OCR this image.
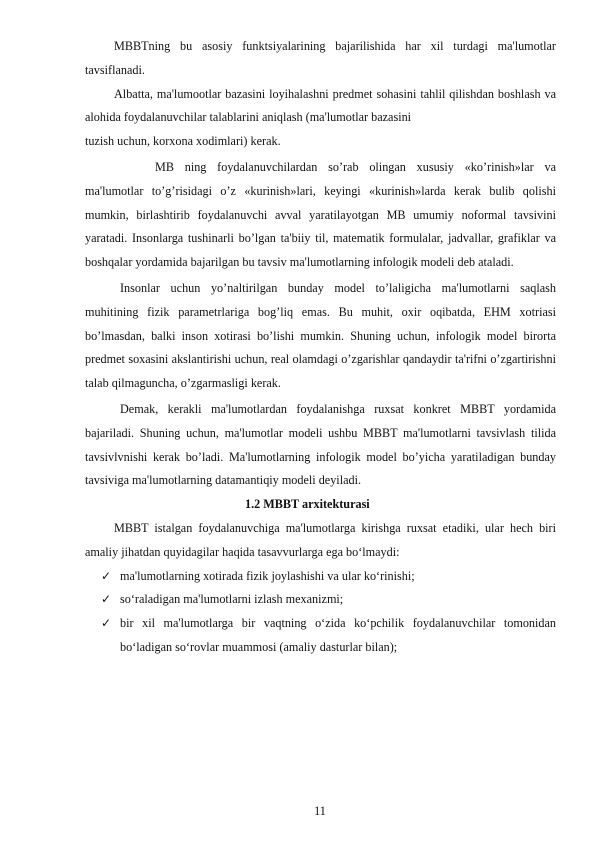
MBBTning bu asosiy funktsiyalarining bajarilishida har xil turdagi ma'lumotlar tavsiflanadi.

Albatta, ma'lumootlar bazasini loyihalashni predmet sohasini tahlil qilishdan boshlash va alohida foydalanuvchilar talablarini aniqlash (ma'lumotlar bazasini

tuzish uchun, korxona xodimlari) kerak.

MB ning foydalanuvchilardan so’rab olingan xususiy «ko’rinish»lar va ma'lumotlar to’g’risidagi o’z «kurinish»lari, keyingi «kurinish»larda kerak bulib qolishi mumkin, birlashtirib foydalanuvchi avval yaratilayotgan MB umumiy noformal tavsivini yaratadi. Insonlarga tushinarli bo’lgan ta'biiy til, matematik formulalar, jadvallar, grafiklar va boshqalar yordamida bajarilgan bu tavsiv ma'lumotlarning infologik modeli deb ataladi.

Insonlar uchun yo’naltirilgan bunday model to’laligicha ma'lumotlarni saqlash muhitining fizik parametrlariga bog’liq emas. Bu muhit, oxir oqibatda, EHM xotriasi bo’lmasdan, balki inson xotirasi bo’lishi mumkin. Shuning uchun, infologik model birorta predmet soxasini akslantirishi uchun, real olamdagi o’zgarishlar qandaydir ta'rifni o’zgartirishni talab qilmaguncha, o’zgarmasligi kerak.

Demak, kerakli ma'lumotlardan foydalanishga ruxsat konkret MBBT yordamida bajariladi. Shuning uchun, ma'lumotlar modeli ushbu MBBT ma'lumotlarni tavsivlash tilida tavsivlvnishi kerak bo’ladi. Ma'lumotlarning infologik model bo’yicha yaratiladigan bunday tavsiviga ma'lumotlarning datamantiqiy modeli deyiladi.

1.2 MBBT arxitekturasi

MBBT istalgan foydalanuvchiga ma'lumotlarga kirishga ruxsat etadiki, ular hech biri amaliy jihatdan quyidagilar haqida tasavvurlarga ega bo‘lmaydi:

✓ ma'lumotlarning xotirada fizik joylashishi va ular ko‘rinishi;
✓ so‘raladigan ma'lumotlarni izlash mexanizmi;
✓ bir xil ma'lumotlarga bir vaqtning o‘zida ko‘pchilik foydalanuvchilar tomonidan bo‘ladigan so‘rovlar muammosi (amaliy dasturlar bilan);
11
